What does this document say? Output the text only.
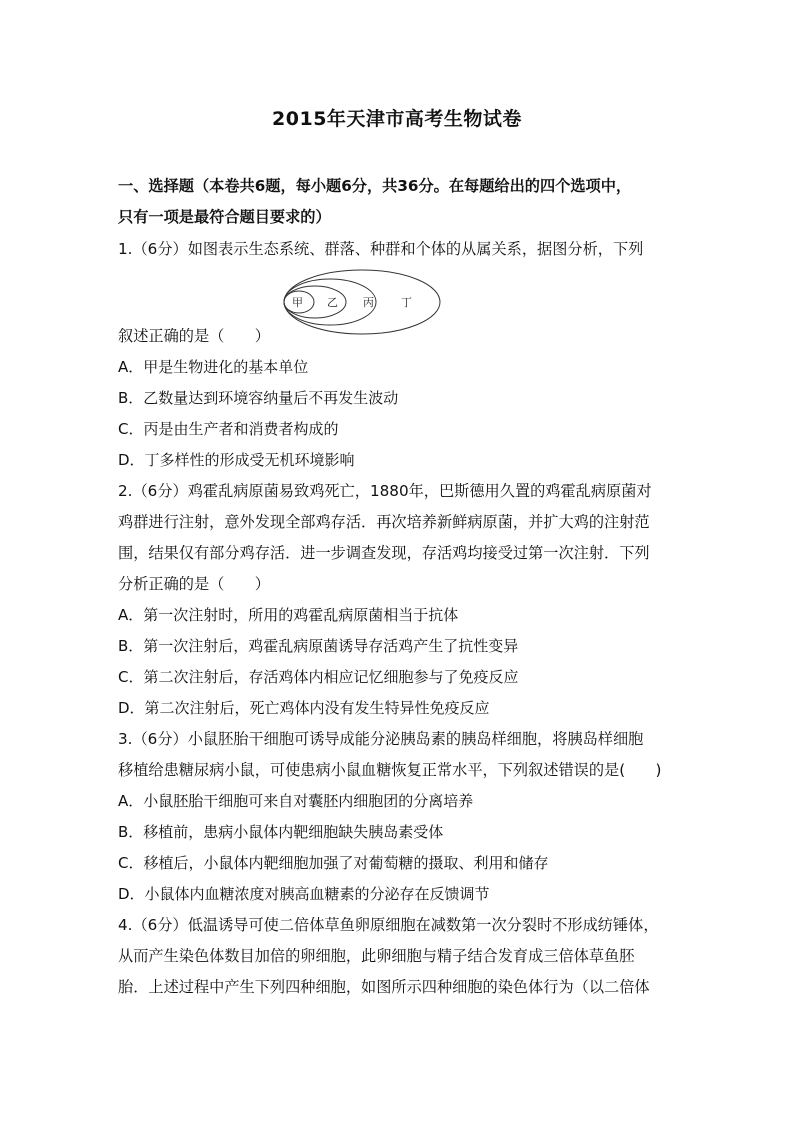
2015年天津市高考生物试卷
一、选择题（本卷共6题，每小题6分，共36分。在每题给出的四个选项中，
只有一项是最符合题目要求的）
1.（6分）如图表示生态系统、群落、种群和个体的从属关系，据图分析，下列
甲 乙 丙 丁
叙述正确的是（　　）
A．甲是生物进化的基本单位
B．乙数量达到环境容纳量后不再发生波动
C．丙是由生产者和消费者构成的
D．丁多样性的形成受无机环境影响
2.（6分）鸡霍乱病原菌易致鸡死亡，1880年，巴斯德用久置的鸡霍乱病原菌对
鸡群进行注射，意外发现全部鸡存活．再次培养新鲜病原菌，并扩大鸡的注射范
围，结果仅有部分鸡存活．进一步调查发现，存活鸡均接受过第一次注射．下列
分析正确的是（　　）
A．第一次注射时，所用的鸡霍乱病原菌相当于抗体
B．第一次注射后，鸡霍乱病原菌诱导存活鸡产生了抗性变异
C．第二次注射后，存活鸡体内相应记忆细胞参与了免疫反应
D．第二次注射后，死亡鸡体内没有发生特异性免疫反应
3.（6分）小鼠胚胎干细胞可诱导成能分泌胰岛素的胰岛样细胞，将胰岛样细胞
移植给患糖尿病小鼠，可使患病小鼠血糖恢复正常水平，下列叙述错误的是(　　)
A．小鼠胚胎干细胞可来自对囊胚内细胞团的分离培养
B．移植前，患病小鼠体内靶细胞缺失胰岛素受体
C．移植后，小鼠体内靶细胞加强了对葡萄糖的摄取、利用和储存
D．小鼠体内血糖浓度对胰高血糖素的分泌存在反馈调节
4.（6分）低温诱导可使二倍体草鱼卵原细胞在减数第一次分裂时不形成纺锤体，
从而产生染色体数目加倍的卵细胞，此卵细胞与精子结合发育成三倍体草鱼胚
胎．上述过程中产生下列四种细胞，如图所示四种细胞的染色体行为（以二倍体
